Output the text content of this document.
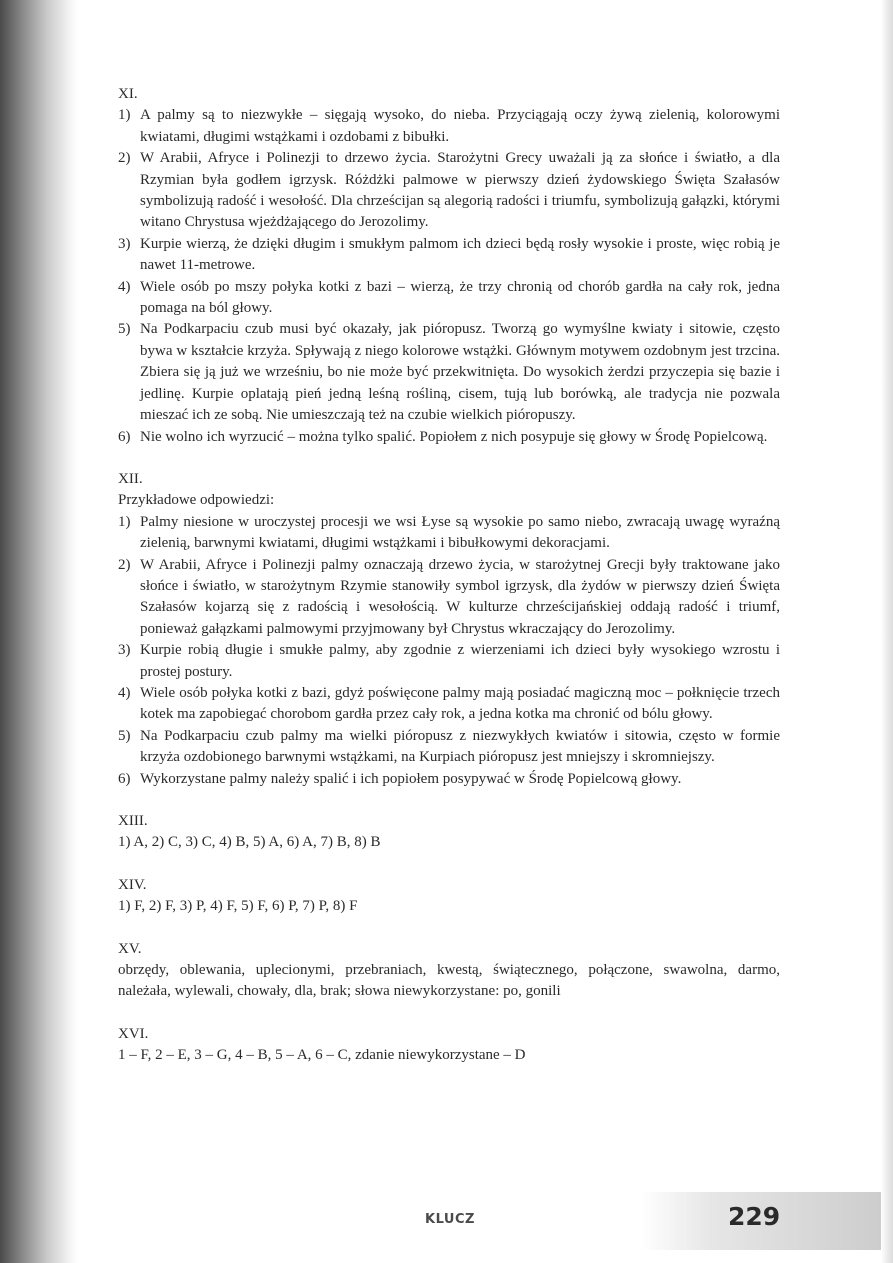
XI.
1) A palmy są to niezwykłe – sięgają wysoko, do nieba. Przyciągają oczy żywą zielenią, kolorowymi kwiatami, długimi wstążkami i ozdobami z bibułki.
2) W Arabii, Afryce i Polinezji to drzewo życia. Starożytni Grecy uważali ją za słońce i światło, a dla Rzymian była godłem igrzysk. Różdżki palmowe w pierwszy dzień żydowskiego Święta Szałasów symbolizują radość i wesołość. Dla chrześcijan są alegorią radości i triumfu, symbolizują gałązki, którymi witano Chrystusa wjeżdżającego do Jerozolimy.
3) Kurpie wierzą, że dzięki długim i smukłym palmom ich dzieci będą rosły wysokie i proste, więc robią je nawet 11-metrowe.
4) Wiele osób po mszy połyka kotki z bazi – wierzą, że trzy chronią od chorób gardła na cały rok, jedna pomaga na ból głowy.
5) Na Podkarpaciu czub musi być okazały, jak pióropusz. Tworzą go wymyślne kwiaty i sitowie, często bywa w kształcie krzyża. Spływają z niego kolorowe wstążki. Głównym motywem ozdobnym jest trzcina. Zbiera się ją już we wrześniu, bo nie może być przekwitnięta. Do wysokich żerdzi przyczepia się bazie i jedlinę. Kurpie oplatają pień jedną leśną rośliną, cisem, tują lub borówką, ale tradycja nie pozwala mieszać ich ze sobą. Nie umieszczają też na czubie wielkich pióropuszy.
6) Nie wolno ich wyrzucić – można tylko spalić. Popiołem z nich posypuje się głowy w Środę Popielcową.
XII.
Przykładowe odpowiedzi:
1) Palmy niesione w uroczystej procesji we wsi Łyse są wysokie po samo niebo, zwracają uwagę wyraźną zielenią, barwnymi kwiatami, długimi wstążkami i bibułkowymi dekoracjami.
2) W Arabii, Afryce i Polinezji palmy oznaczają drzewo życia, w starożytnej Grecji były traktowane jako słońce i światło, w starożytnym Rzymie stanowiły symbol igrzysk, dla żydów w pierwszy dzień Święta Szałasów kojarzą się z radością i wesołością. W kulturze chrześcijańskiej oddają radość i triumf, ponieważ gałązkami palmowymi przyjmowany był Chrystus wkraczający do Jerozolimy.
3) Kurpie robią długie i smukłe palmy, aby zgodnie z wierzeniami ich dzieci były wysokiego wzrostu i prostej postury.
4) Wiele osób połyka kotki z bazi, gdyż poświęcone palmy mają posiadać magiczną moc – połknięcie trzech kotek ma zapobiegać chorobom gardła przez cały rok, a jedna kotka ma chronić od bólu głowy.
5) Na Podkarpaciu czub palmy ma wielki pióropusz z niezwykłych kwiatów i sitowia, często w formie krzyża ozdobionego barwnymi wstążkami, na Kurpiach pióropusz jest mniejszy i skromniejszy.
6) Wykorzystane palmy należy spalić i ich popiołem posypywać w Środę Popielcową głowy.
XIII.
1) A, 2) C, 3) C, 4) B, 5) A, 6) A, 7) B, 8) B
XIV.
1) F, 2) F, 3) P, 4) F, 5) F, 6) P, 7) P, 8) F
XV.
obrzędy, oblewania, uplecionymi, przebraniach, kwestą, świątecznego, połączone, swawolna, darmo, należała, wylewali, chowały, dla, brak; słowa niewykorzystane: po, gonili
XVI.
1 – F, 2 – E, 3 – G, 4 – B, 5 – A, 6 – C, zdanie niewykorzystane – D
KLUCZ	229
